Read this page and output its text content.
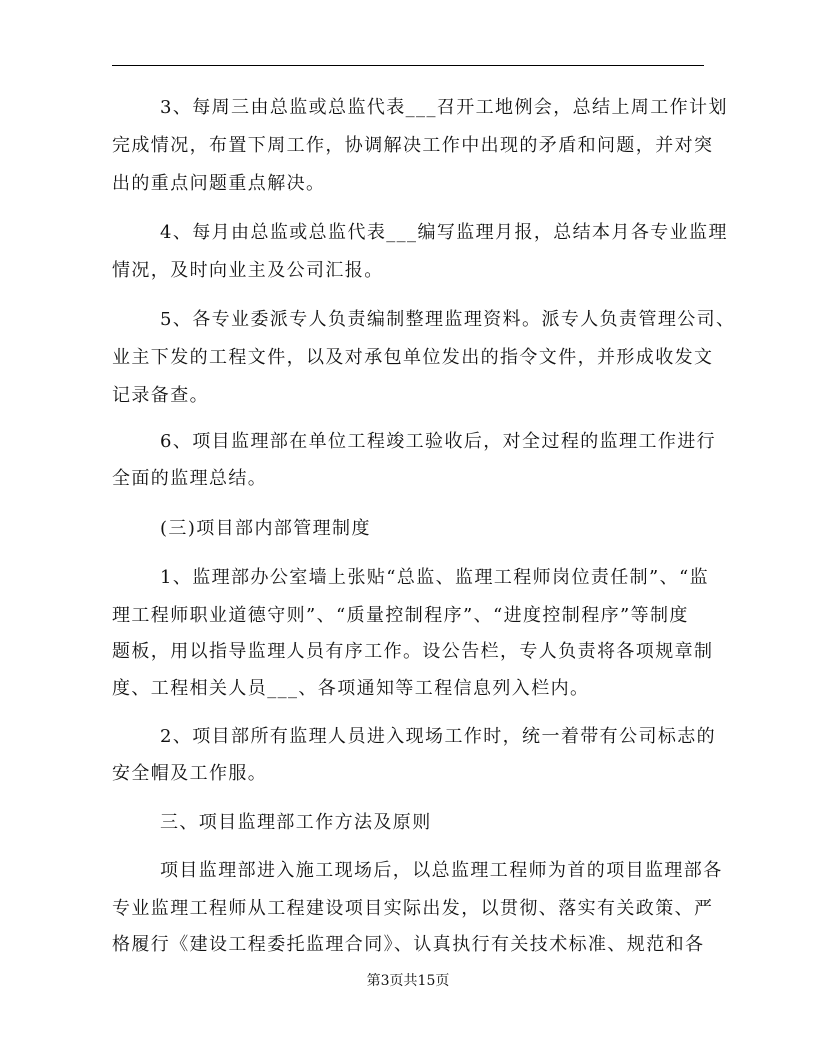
3、每周三由总监或总监代表___召开工地例会，总结上周工作计划
完成情况，布置下周工作，协调解决工作中出现的矛盾和问题，并对突
出的重点问题重点解决。
4、每月由总监或总监代表___编写监理月报，总结本月各专业监理
情况，及时向业主及公司汇报。
5、各专业委派专人负责编制整理监理资料。派专人负责管理公司、
业主下发的工程文件，以及对承包单位发出的指令文件，并形成收发文
记录备查。
6、项目监理部在单位工程竣工验收后，对全过程的监理工作进行
全面的监理总结。
(三)项目部内部管理制度
1、监理部办公室墙上张贴“总监、监理工程师岗位责任制”、“监
理工程师职业道德守则”、“质量控制程序”、“进度控制程序”等制度
题板，用以指导监理人员有序工作。设公告栏，专人负责将各项规章制
度、工程相关人员___、各项通知等工程信息列入栏内。
2、项目部所有监理人员进入现场工作时，统一着带有公司标志的
安全帽及工作服。
三、项目监理部工作方法及原则
项目监理部进入施工现场后，以总监理工程师为首的项目监理部各
专业监理工程师从工程建设项目实际出发，以贯彻、落实有关政策、严
格履行《建设工程委托监理合同》、认真执行有关技术标准、规范和各
第3页共15页
